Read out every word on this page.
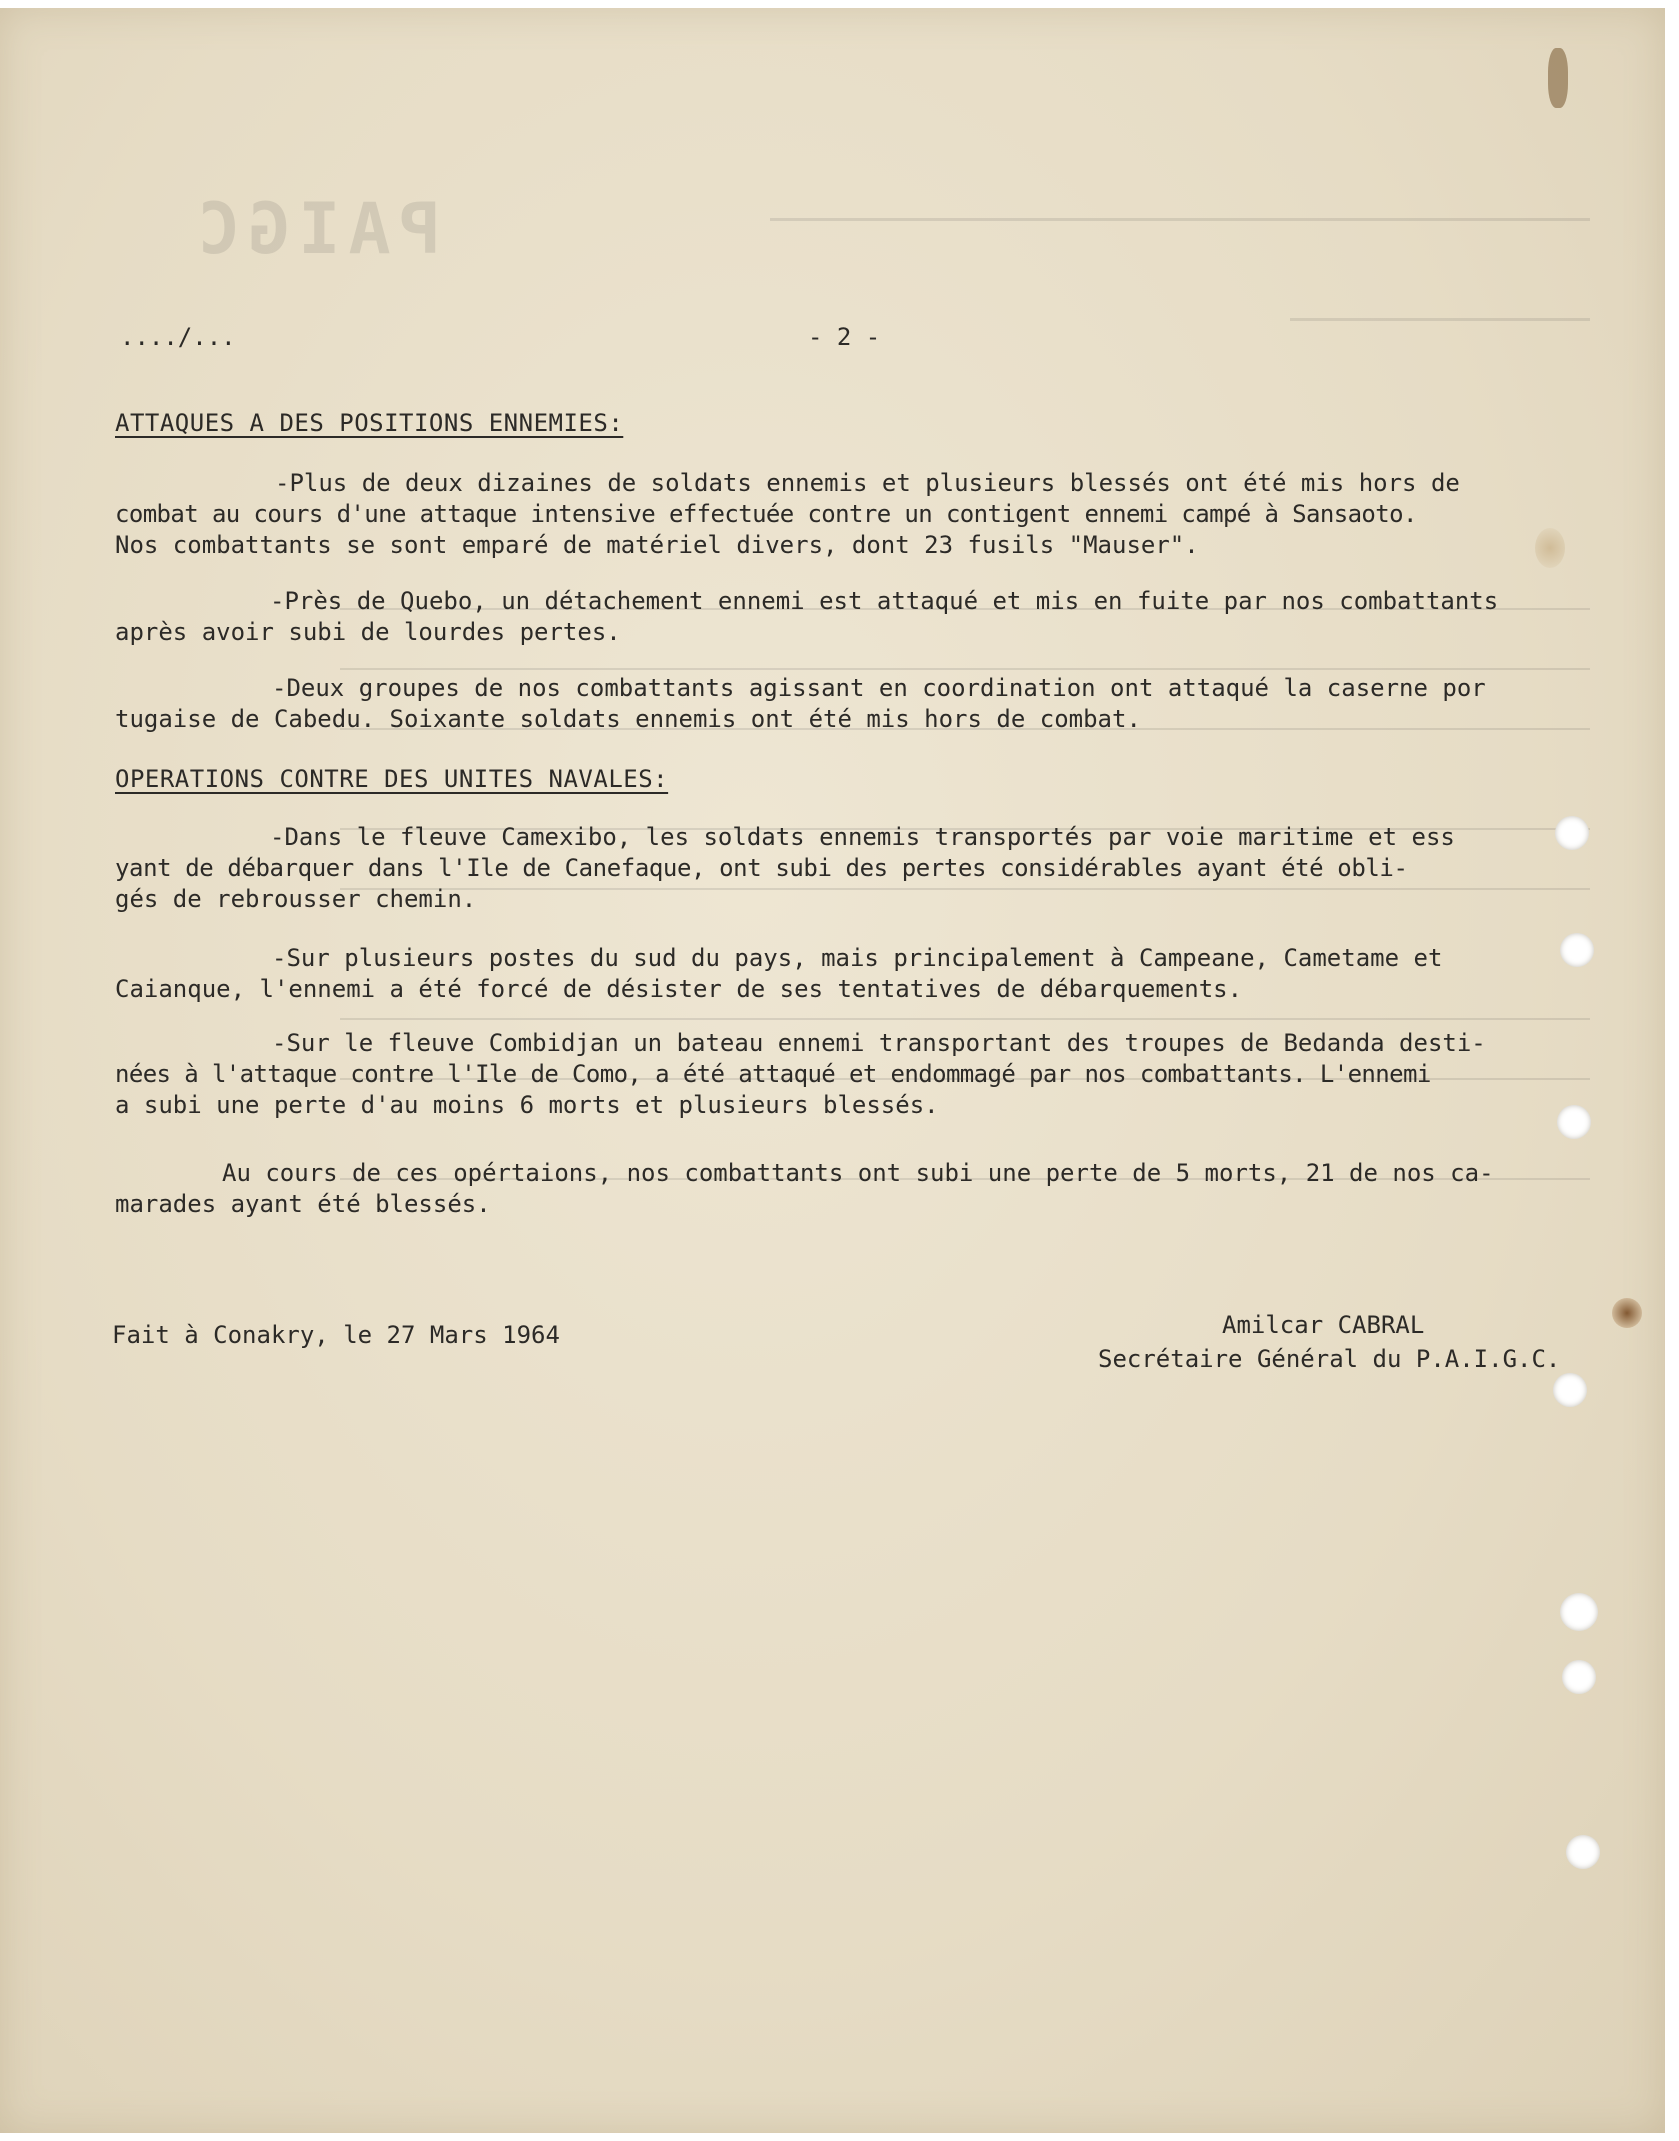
PAIGC
..../...	- 2 -
ATTAQUES A DES POSITIONS ENNEMIES:
-Plus de deux dizaines de soldats ennemis et plusieurs blessés ont été mis hors de
combat au cours d'une attaque intensive effectuée contre un contigent ennemi campé à Sansaoto.
Nos combattants se sont emparé de matériel divers, dont 23 fusils "Mauser".
-Près de Quebo, un détachement ennemi est attaqué et mis en fuite par nos combattants
après avoir subi de lourdes pertes.
-Deux groupes de nos combattants agissant en coordination ont attaqué la caserne por
tugaise de Cabedu. Soixante soldats ennemis ont été mis hors de combat.
OPERATIONS CONTRE DES UNITES NAVALES:
-Dans le fleuve Camexibo, les soldats ennemis transportés par voie maritime et ess
yant de débarquer dans l'Ile de Canefaque, ont subi des pertes considérables ayant été obli-
gés de rebrousser chemin.
-Sur plusieurs postes du sud du pays, mais principalement à Campeane, Cametame et
Caianque, l'ennemi a été forcé de désister de ses tentatives de débarquements.
-Sur le fleuve Combidjan un bateau ennemi transportant des troupes de Bedanda desti-
nées à l'attaque contre l'Ile de Como, a été attaqué et endommagé par nos combattants. L'ennemi
a subi une perte d'au moins 6 morts et plusieurs blessés.
Au cours de ces opértaions, nos combattants ont subi une perte de 5 morts, 21 de nos ca-
marades ayant été blessés.
Fait à Conakry, le 27 Mars 1964	Amilcar CABRAL
Secrétaire Général du P.A.I.G.C.
